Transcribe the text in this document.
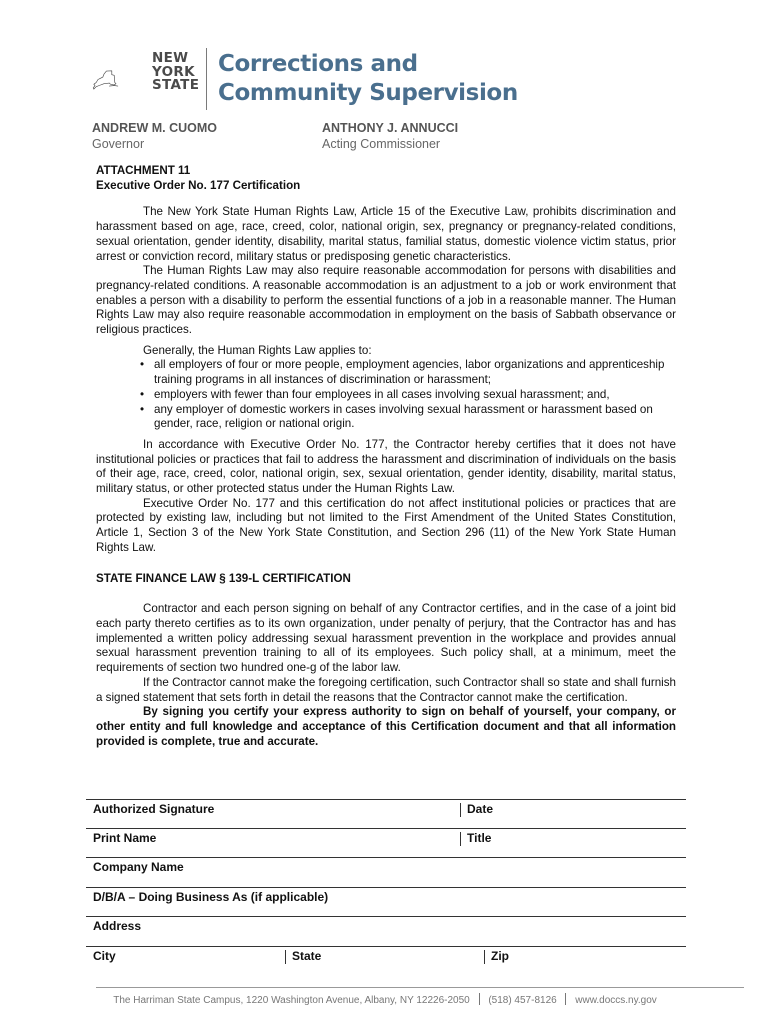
NEW
YORK
STATE
Corrections and
Community Supervision
ANDREW M. CUOMO
Governor
ANTHONY J. ANNUCCI
Acting Commissioner

ATTACHMENT 11

Executive Order No. 177 Certification

The New York State Human Rights Law, Article 15 of the Executive Law, prohibits discrimination and harassment based on age, race, creed, color, national origin, sex, pregnancy or pregnancy-related conditions, sexual orientation, gender identity, disability, marital status, familial status, domestic violence victim status, prior arrest or conviction record, military status or predisposing genetic characteristics.

The Human Rights Law may also require reasonable accommodation for persons with disabilities and pregnancy-related conditions. A reasonable accommodation is an adjustment to a job or work environment that enables a person with a disability to perform the essential functions of a job in a reasonable manner. The Human Rights Law may also require reasonable accommodation in employment on the basis of Sabbath observance or religious practices.

Generally, the Human Rights Law applies to:

• all employers of four or more people, employment agencies, labor organizations and apprenticeship training programs in all instances of discrimination or harassment;
• employers with fewer than four employees in all cases involving sexual harassment; and,
• any employer of domestic workers in cases involving sexual harassment or harassment based on gender, race, religion or national origin.

In accordance with Executive Order No. 177, the Contractor hereby certifies that it does not have institutional policies or practices that fail to address the harassment and discrimination of individuals on the basis of their age, race, creed, color, national origin, sex, sexual orientation, gender identity, disability, marital status, military status, or other protected status under the Human Rights Law.

Executive Order No. 177 and this certification do not affect institutional policies or practices that are protected by existing law, including but not limited to the First Amendment of the United States Constitution, Article 1, Section 3 of the New York State Constitution, and Section 296 (11) of the New York State Human Rights Law.

STATE FINANCE LAW § 139-L CERTIFICATION

Contractor and each person signing on behalf of any Contractor certifies, and in the case of a joint bid each party thereto certifies as to its own organization, under penalty of perjury, that the Contractor has and has implemented a written policy addressing sexual harassment prevention in the workplace and provides annual sexual harassment prevention training to all of its employees. Such policy shall, at a minimum, meet the requirements of section two hundred one-g of the labor law.

If the Contractor cannot make the foregoing certification, such Contractor shall so state and shall furnish a signed statement that sets forth in detail the reasons that the Contractor cannot make the certification.

By signing you certify your express authority to sign on behalf of yourself, your company, or other entity and full knowledge and acceptance of this Certification document and that all information provided is complete, true and accurate.

Authorized Signature	Date
Print Name	Title
Company Name
D/B/A – Doing Business As (if applicable)
Address
City	State	Zip
The Harriman State Campus, 1220 Washington Avenue, Albany, NY 12226-2050 (518) 457-8126 www.doccs.ny.gov
